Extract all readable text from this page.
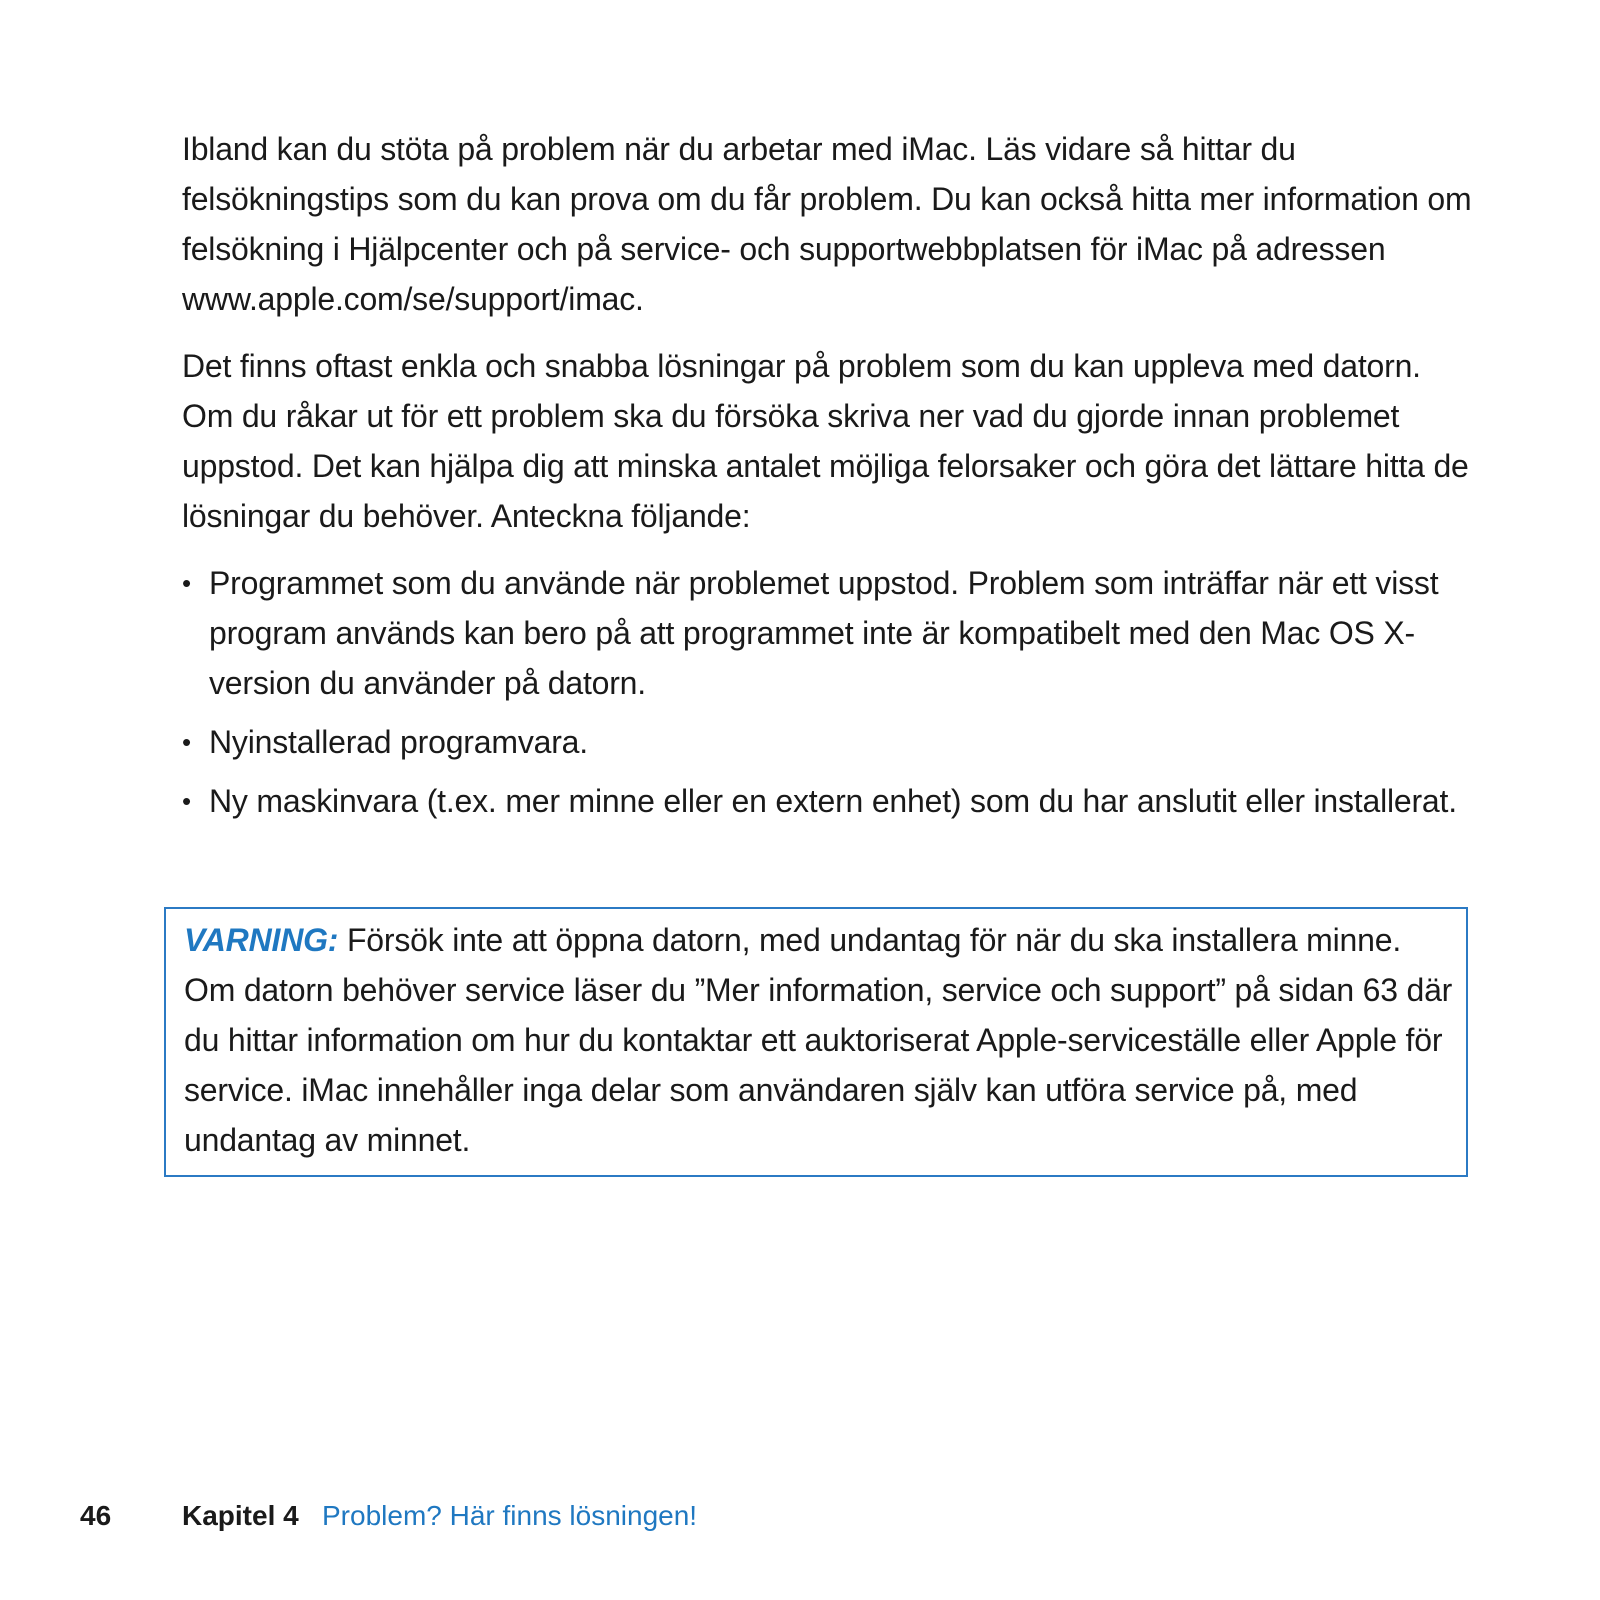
Ibland kan du stöta på problem när du arbetar med iMac. Läs vidare så hittar du felsökningstips som du kan prova om du får problem. Du kan också hitta mer information om felsökning i Hjälpcenter och på service- och supportwebbplatsen för iMac på adressen www.apple.com/se/support/imac.

Det finns oftast enkla och snabba lösningar på problem som du kan uppleva med datorn. Om du råkar ut för ett problem ska du försöka skriva ner vad du gjorde innan problemet uppstod. Det kan hjälpa dig att minska antalet möjliga felorsaker och göra det lättare hitta de lösningar du behöver. Anteckna följande:

• Programmet som du använde när problemet uppstod. Problem som inträffar när ett visst program används kan bero på att programmet inte är kompatibelt med den Mac OS X-version du använder på datorn.
• Nyinstallerad programvara.
• Ny maskinvara (t.ex. mer minne eller en extern enhet) som du har anslutit eller installerat.

VARNING: Försök inte att öppna datorn, med undantag för när du ska installera minne. Om datorn behöver service läser du ”Mer information, service och support” på sidan 63 där du hittar information om hur du kontaktar ett auktoriserat Apple-serviceställe eller Apple för service. iMac innehåller inga delar som användaren själv kan utföra service på, med undantag av minnet.

46	Kapitel 4 Problem? Här finns lösningen!
